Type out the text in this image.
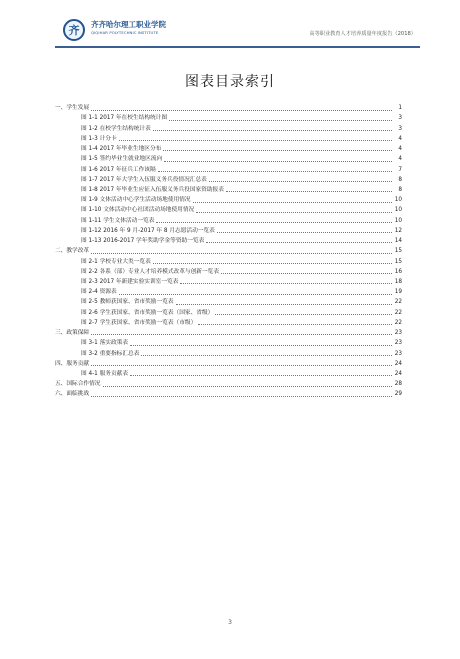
齐	齐齐哈尔理工职业学院
QIQIHAR POLYTECHNIC INSTITUTE	高等职业教育人才培养质量年度报告（2018）
图表目录索引
一、学生发展	1
图 1-1 2017 年在校生结构统计图	3
图 1-2 在校学生结构统计表	3
图 1-3 计分卡	4
图 1-4 2017 年毕业生地区分布	4
图 1-5 签约毕业生就业地区流向	4
图 1-6 2017 年征兵工作该隔	7
图 1-7 2017 年大学生入伍服义务兵役情况汇总表	8
图 1-8 2017 年毕业生应征入伍服义务兵役国家资助报表	8
图 1-9 文体活动中心学生活动场地使用情况	10
图 1-10 文体活动中心社团活动场地使用情况	10
图 1-11 学生文体活动一览表	10
图 1-12 2016 年 9 月-2017 年 8 月志愿活动一览表	12
图 1-13 2016-2017 学年奖助学金等资助一览表	14
二、教学改革	15
图 2-1 学校专业大类一览表	15
图 2-2 各系（部）专业人才培养模式改革与创新一览表	16
图 2-3 2017 年新建实验实训室一览表	18
图 2-4 资源表	19
图 2-5 教师获国家、省市奖励一览表	22
图 2-6 学生获国家、省市奖励一览表（国家、省级）	22
图 2-7 学生获国家、省市奖励一览表（市级）	22
三、政策保障	23
图 3-1 落实政策表	23
图 3-2 重要指标汇总表	23
四、服务贡献	24
图 4-1 服务贡献表	24
五、国际合作情况	28
六、面临挑战	29
3
